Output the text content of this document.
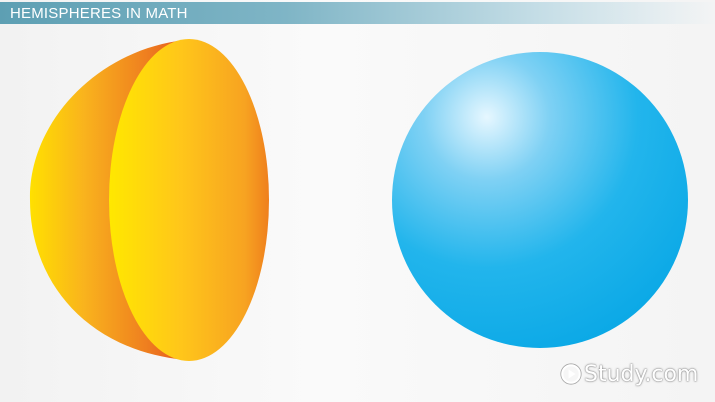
HEMISPHERES IN MATH
Study.com
